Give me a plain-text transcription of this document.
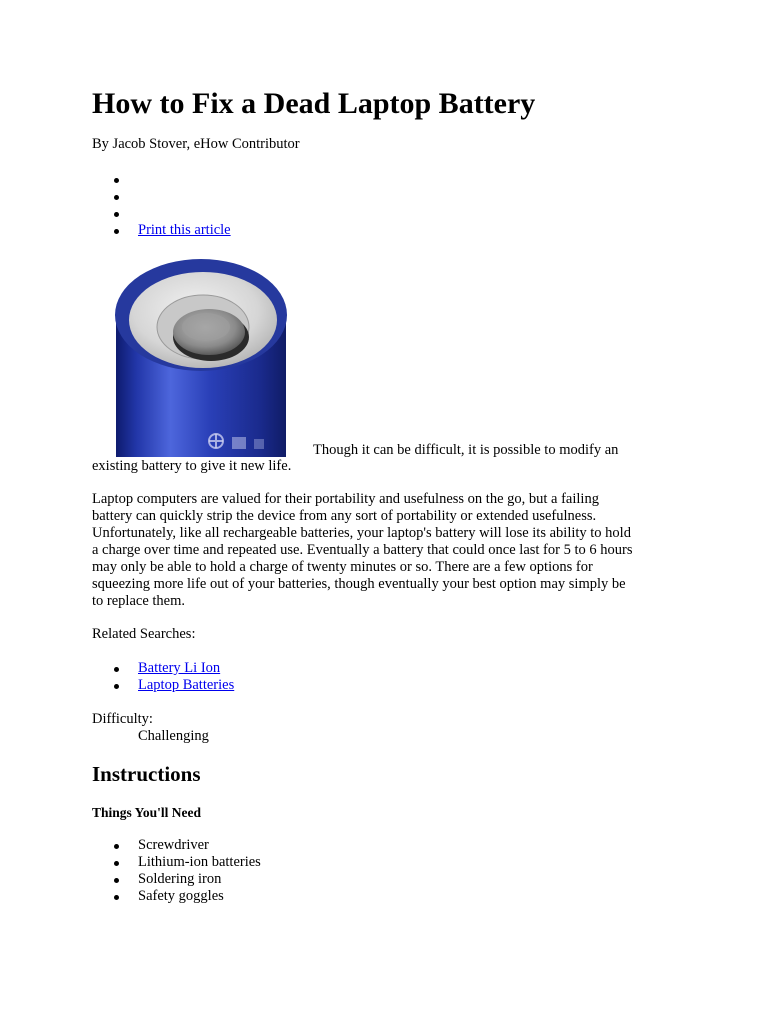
How to Fix a Dead Laptop Battery

By Jacob Stover, eHow Contributor

Print this article

Though it can be difficult, it is possible to modify an

existing battery to give it new life.

Laptop computers are valued for their portability and usefulness on the go, but a failing
battery can quickly strip the device from any sort of portability or extended usefulness.
Unfortunately, like all rechargeable batteries, your laptop's battery will lose its ability to hold
a charge over time and repeated use. Eventually a battery that could once last for 5 to 6 hours
may only be able to hold a charge of twenty minutes or so. There are a few options for
squeezing more life out of your batteries, though eventually your best option may simply be
to replace them.

Related Searches:

Battery Li Ion
Laptop Batteries

Difficulty:

Challenging

Instructions
Things You'll Need
Screwdriver
Lithium-ion batteries
Soldering iron
Safety goggles
